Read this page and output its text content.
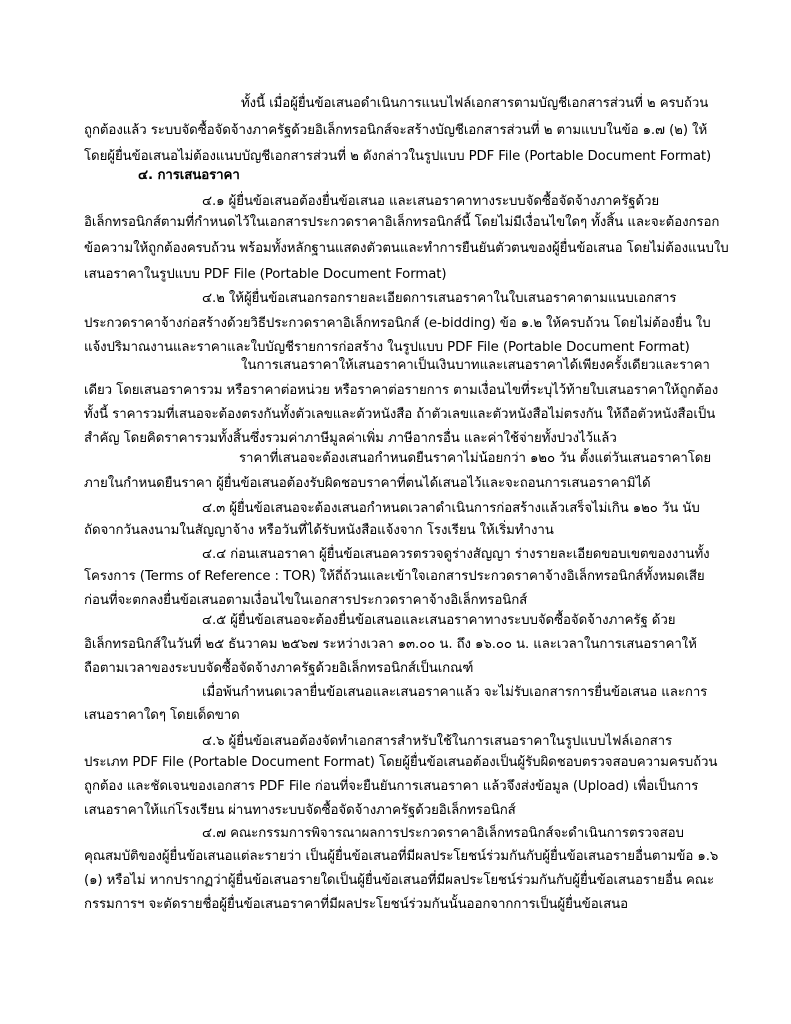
ทั้งนี้ เมื่อผู้ยื่นข้อเสนอดำเนินการแนบไฟล์เอกสารตามบัญชีเอกสารส่วนที่ ๒ ครบถ้วน
ถูกต้องแล้ว ระบบจัดซื้อจัดจ้างภาครัฐด้วยอิเล็กทรอนิกส์จะสร้างบัญชีเอกสารส่วนที่ ๒ ตามแบบในข้อ ๑.๗ (๒) ให้
โดยผู้ยื่นข้อเสนอไม่ต้องแนบบัญชีเอกสารส่วนที่ ๒ ดังกล่าวในรูปแบบ PDF File (Portable Document Format)
๔. การเสนอราคา
๔.๑ ผู้ยื่นข้อเสนอต้องยื่นข้อเสนอ และเสนอราคาทางระบบจัดซื้อจัดจ้างภาครัฐด้วย
อิเล็กทรอนิกส์ตามที่กำหนดไว้ในเอกสารประกวดราคาอิเล็กทรอนิกส์นี้ โดยไม่มีเงื่อนไขใดๆ ทั้งสิ้น และจะต้องกรอก
ข้อความให้ถูกต้องครบถ้วน พร้อมทั้งหลักฐานแสดงตัวตนและทำการยืนยันตัวตนของผู้ยื่นข้อเสนอ โดยไม่ต้องแนบใบ
เสนอราคาในรูปแบบ PDF File (Portable Document Format)
๔.๒ ให้ผู้ยื่นข้อเสนอกรอกรายละเอียดการเสนอราคาในใบเสนอราคาตามแนบเอกสาร
ประกวดราคาจ้างก่อสร้างด้วยวิธีประกวดราคาอิเล็กทรอนิกส์ (e-bidding) ข้อ ๑.๒ ให้ครบถ้วน โดยไม่ต้องยื่น ใบ
แจ้งปริมาณงานและราคาและใบบัญชีรายการก่อสร้าง ในรูปแบบ PDF File (Portable Document Format)
ในการเสนอราคาให้เสนอราคาเป็นเงินบาทและเสนอราคาได้เพียงครั้งเดียวและราคา
เดียว โดยเสนอราคารวม หรือราคาต่อหน่วย หรือราคาต่อรายการ ตามเงื่อนไขที่ระบุไว้ท้ายใบเสนอราคาให้ถูกต้อง
ทั้งนี้ ราคารวมที่เสนอจะต้องตรงกันทั้งตัวเลขและตัวหนังสือ ถ้าตัวเลขและตัวหนังสือไม่ตรงกัน ให้ถือตัวหนังสือเป็น
สำคัญ โดยคิดราคารวมทั้งสิ้นซึ่งรวมค่าภาษีมูลค่าเพิ่ม ภาษีอากรอื่น และค่าใช้จ่ายทั้งปวงไว้แล้ว
ราคาที่เสนอจะต้องเสนอกำหนดยืนราคาไม่น้อยกว่า ๑๒๐ วัน ตั้งแต่วันเสนอราคาโดย
ภายในกำหนดยืนราคา ผู้ยื่นข้อเสนอต้องรับผิดชอบราคาที่ตนได้เสนอไว้และจะถอนการเสนอราคามิได้
๔.๓ ผู้ยื่นข้อเสนอจะต้องเสนอกำหนดเวลาดำเนินการก่อสร้างแล้วเสร็จไม่เกิน ๑๒๐ วัน นับ
ถัดจากวันลงนามในสัญญาจ้าง หรือวันที่ได้รับหนังสือแจ้งจาก โรงเรียน ให้เริ่มทำงาน
๔.๔ ก่อนเสนอราคา ผู้ยื่นข้อเสนอควรตรวจดูร่างสัญญา ร่างรายละเอียดขอบเขตของงานทั้ง
โครงการ (Terms of Reference : TOR) ให้ถี่ถ้วนและเข้าใจเอกสารประกวดราคาจ้างอิเล็กทรอนิกส์ทั้งหมดเสีย
ก่อนที่จะตกลงยื่นข้อเสนอตามเงื่อนไขในเอกสารประกวดราคาจ้างอิเล็กทรอนิกส์
๔.๕ ผู้ยื่นข้อเสนอจะต้องยื่นข้อเสนอและเสนอราคาทางระบบจัดซื้อจัดจ้างภาครัฐ ด้วย
อิเล็กทรอนิกส์ในวันที่ ๒๕ ธันวาคม ๒๕๖๗ ระหว่างเวลา ๑๓.๐๐ น. ถึง ๑๖.๐๐ น. และเวลาในการเสนอราคาให้
ถือตามเวลาของระบบจัดซื้อจัดจ้างภาครัฐด้วยอิเล็กทรอนิกส์เป็นเกณฑ์
เมื่อพ้นกำหนดเวลายื่นข้อเสนอและเสนอราคาแล้ว จะไม่รับเอกสารการยื่นข้อเสนอ และการ
เสนอราคาใดๆ โดยเด็ดขาด
๔.๖ ผู้ยื่นข้อเสนอต้องจัดทำเอกสารสำหรับใช้ในการเสนอราคาในรูปแบบไฟล์เอกสาร
ประเภท PDF File (Portable Document Format) โดยผู้ยื่นข้อเสนอต้องเป็นผู้รับผิดชอบตรวจสอบความครบถ้วน
ถูกต้อง และชัดเจนของเอกสาร PDF File ก่อนที่จะยืนยันการเสนอราคา แล้วจึงส่งข้อมูล (Upload) เพื่อเป็นการ
เสนอราคาให้แก่โรงเรียน ผ่านทางระบบจัดซื้อจัดจ้างภาครัฐด้วยอิเล็กทรอนิกส์
๔.๗ คณะกรรมการพิจารณาผลการประกวดราคาอิเล็กทรอนิกส์จะดำเนินการตรวจสอบ
คุณสมบัติของผู้ยื่นข้อเสนอแต่ละรายว่า เป็นผู้ยื่นข้อเสนอที่มีผลประโยชน์ร่วมกันกับผู้ยื่นข้อเสนอรายอื่นตามข้อ ๑.๖
(๑) หรือไม่ หากปรากฏว่าผู้ยื่นข้อเสนอรายใดเป็นผู้ยื่นข้อเสนอที่มีผลประโยชน์ร่วมกันกับผู้ยื่นข้อเสนอรายอื่น คณะ
กรรมการฯ จะตัดรายชื่อผู้ยื่นข้อเสนอราคาที่มีผลประโยชน์ร่วมกันนั้นออกจากการเป็นผู้ยื่นข้อเสนอ
